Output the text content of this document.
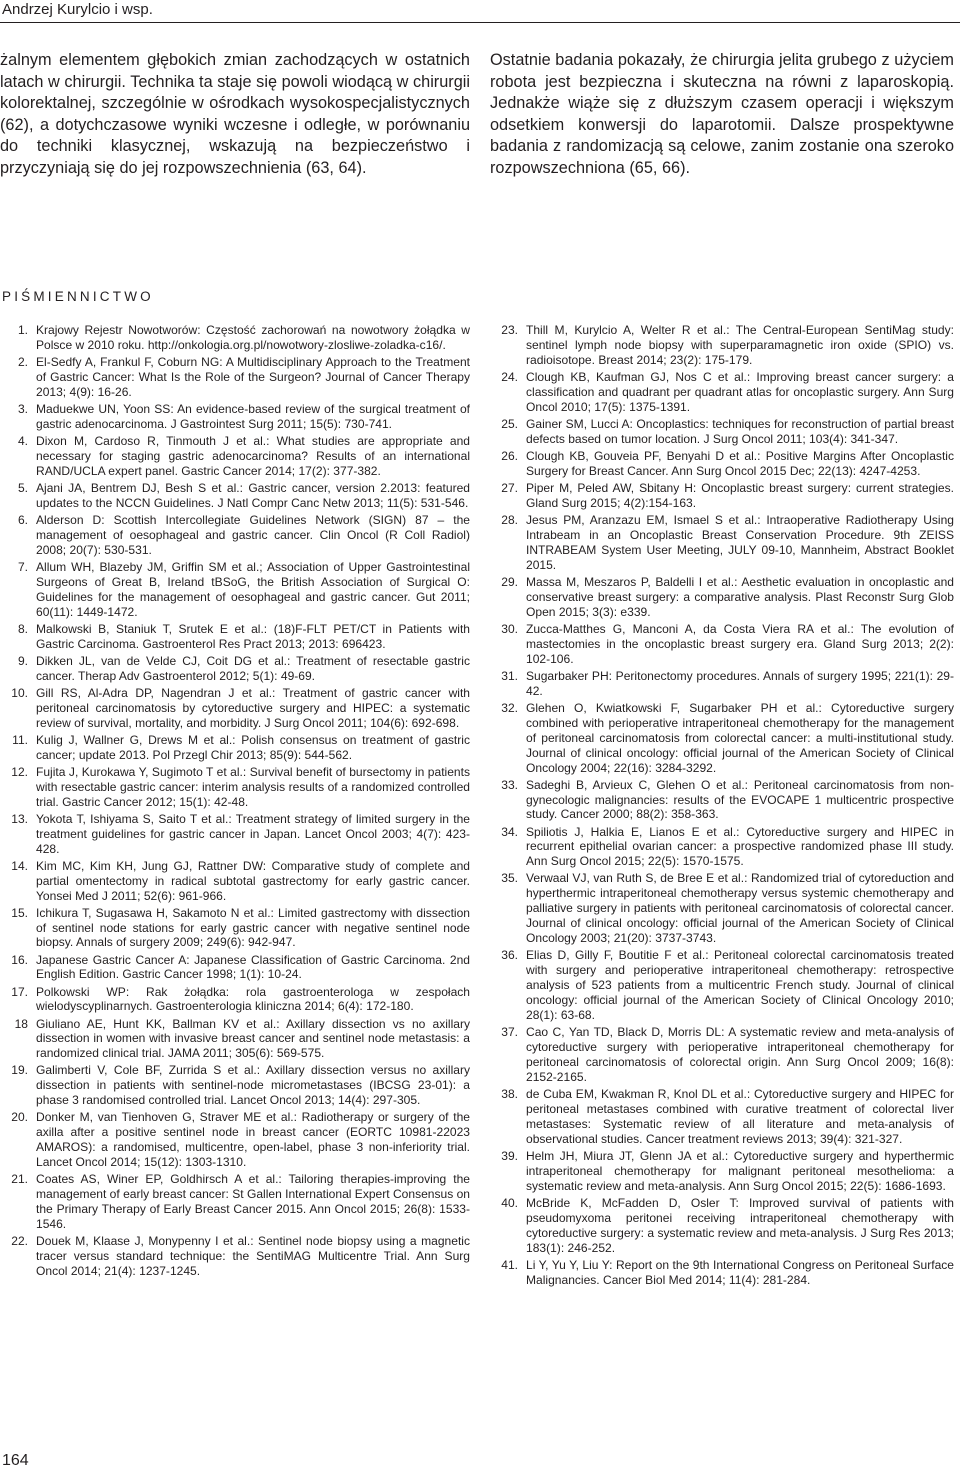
Andrzej Kurylcio i wsp.

żalnym elementem głębokich zmian zachodzących w ostatnich latach w chirurgii. Technika ta staje się powoli wiodącą w chirurgii kolorektalnej, szczególnie w ośrodkach wysokospecjalistycznych (62), a dotychczasowe wyniki wczesne i odległe, w porównaniu do techniki klasycznej, wskazują na bezpieczeństwo i przyczyniają się do jej rozpowszechnienia (63, 64).

Ostatnie badania pokazały, że chirurgia jelita grubego z użyciem robota jest bezpieczna i skuteczna na równi z laparoskopią. Jednakże wiąże się z dłuższym czasem operacji i większym odsetkiem konwersji do laparotomii. Dalsze prospektywne badania z randomizacją są celowe, zanim zostanie ona szeroko rozpowszechniona (65, 66).

PIŚMIENNICTWO
1. Krajowy Rejestr Nowotworów: Częstość zachorowań na nowotwory żołądka w Polsce w 2010 roku. http://onkologia.org.pl/nowotwory-zlosliwe-zoladka-c16/.
2. El-Sedfy A, Frankul F, Coburn NG: A Multidisciplinary Approach to the Treatment of Gastric Cancer: What Is the Role of the Surgeon? Journal of Cancer Therapy 2013; 4(9): 16-26.
3. Maduekwe UN, Yoon SS: An evidence-based review of the surgical treatment of gastric adenocarcinoma. J Gastrointest Surg 2011; 15(5): 730-741.
4. Dixon M, Cardoso R, Tinmouth J et al.: What studies are appropriate and necessary for staging gastric adenocarcinoma? Results of an international RAND/UCLA expert panel. Gastric Cancer 2014; 17(2): 377-382.
5. Ajani JA, Bentrem DJ, Besh S et al.: Gastric cancer, version 2.2013: featured updates to the NCCN Guidelines. J Natl Compr Canc Netw 2013; 11(5): 531-546.
6. Alderson D: Scottish Intercollegiate Guidelines Network (SIGN) 87 – the management of oesophageal and gastric cancer. Clin Oncol (R Coll Radiol) 2008; 20(7): 530-531.
7. Allum WH, Blazeby JM, Griffin SM et al.; Association of Upper Gastrointestinal Surgeons of Great B, Ireland tBSoG, the British Association of Surgical O: Guidelines for the management of oesophageal and gastric cancer. Gut 2011; 60(11): 1449-1472.
8. Malkowski B, Staniuk T, Srutek E et al.: (18)F-FLT PET/CT in Patients with Gastric Carcinoma. Gastroenterol Res Pract 2013; 2013: 696423.
9. Dikken JL, van de Velde CJ, Coit DG et al.: Treatment of resectable gastric cancer. Therap Adv Gastroenterol 2012; 5(1): 49-69.
10. Gill RS, Al-Adra DP, Nagendran J et al.: Treatment of gastric cancer with peritoneal carcinomatosis by cytoreductive surgery and HIPEC: a systematic review of survival, mortality, and morbidity. J Surg Oncol 2011; 104(6): 692-698.
11. Kulig J, Wallner G, Drews M et al.: Polish consensus on treatment of gastric cancer; update 2013. Pol Przegl Chir 2013; 85(9): 544-562.
12. Fujita J, Kurokawa Y, Sugimoto T et al.: Survival benefit of bursectomy in patients with resectable gastric cancer: interim analysis results of a randomized controlled trial. Gastric Cancer 2012; 15(1): 42-48.
13. Yokota T, Ishiyama S, Saito T et al.: Treatment strategy of limited surgery in the treatment guidelines for gastric cancer in Japan. Lancet Oncol 2003; 4(7): 423-428.
14. Kim MC, Kim KH, Jung GJ, Rattner DW: Comparative study of complete and partial omentectomy in radical subtotal gastrectomy for early gastric cancer. Yonsei Med J 2011; 52(6): 961-966.
15. Ichikura T, Sugasawa H, Sakamoto N et al.: Limited gastrectomy with dissection of sentinel node stations for early gastric cancer with negative sentinel node biopsy. Annals of surgery 2009; 249(6): 942-947.
16. Japanese Gastric Cancer A: Japanese Classification of Gastric Carcinoma. 2nd English Edition. Gastric Cancer 1998; 1(1): 10-24.
17. Polkowski WP: Rak żołądka: rola gastroenterologa w zespołach wielodyscyplinarnych. Gastroenterologia kliniczna 2014; 6(4): 172-180.
18 Giuliano AE, Hunt KK, Ballman KV et al.: Axillary dissection vs no axillary dissection in women with invasive breast cancer and sentinel node metastasis: a randomized clinical trial. JAMA 2011; 305(6): 569-575.
19. Galimberti V, Cole BF, Zurrida S et al.: Axillary dissection versus no axillary dissection in patients with sentinel-node micrometastases (IBCSG 23-01): a phase 3 randomised controlled trial. Lancet Oncol 2013; 14(4): 297-305.
20. Donker M, van Tienhoven G, Straver ME et al.: Radiotherapy or surgery of the axilla after a positive sentinel node in breast cancer (EORTC 10981-22023 AMAROS): a randomised, multicentre, open-label, phase 3 non-inferiority trial. Lancet Oncol 2014; 15(12): 1303-1310.
21. Coates AS, Winer EP, Goldhirsch A et al.: Tailoring therapies-improving the management of early breast cancer: St Gallen International Expert Consensus on the Primary Therapy of Early Breast Cancer 2015. Ann Oncol 2015; 26(8): 1533-1546.
22. Douek M, Klaase J, Monypenny I et al.: Sentinel node biopsy using a magnetic tracer versus standard technique: the SentiMAG Multicentre Trial. Ann Surg Oncol 2014; 21(4): 1237-1245.
23. Thill M, Kurylcio A, Welter R et al.: The Central-European SentiMag study: sentinel lymph node biopsy with superparamagnetic iron oxide (SPIO) vs. radioisotope. Breast 2014; 23(2): 175-179.
24. Clough KB, Kaufman GJ, Nos C et al.: Improving breast cancer surgery: a classification and quadrant per quadrant atlas for oncoplastic surgery. Ann Surg Oncol 2010; 17(5): 1375-1391.
25. Gainer SM, Lucci A: Oncoplastics: techniques for reconstruction of partial breast defects based on tumor location. J Surg Oncol 2011; 103(4): 341-347.
26. Clough KB, Gouveia PF, Benyahi D et al.: Positive Margins After Oncoplastic Surgery for Breast Cancer. Ann Surg Oncol 2015 Dec; 22(13): 4247-4253.
27. Piper M, Peled AW, Sbitany H: Oncoplastic breast surgery: current strategies. Gland Surg 2015; 4(2):154-163.
28. Jesus PM, Aranzazu EM, Ismael S et al.: Intraoperative Radiotherapy Using Intrabeam in an Oncoplastic Breast Conservation Procedure. 9th ZEISS INTRABEAM System User Meeting, JULY 09-10, Mannheim, Abstract Booklet 2015.
29. Massa M, Meszaros P, Baldelli I et al.: Aesthetic evaluation in oncoplastic and conservative breast surgery: a comparative analysis. Plast Reconstr Surg Glob Open 2015; 3(3): e339.
30. Zucca-Matthes G, Manconi A, da Costa Viera RA et al.: The evolution of mastectomies in the oncoplastic breast surgery era. Gland Surg 2013; 2(2): 102-106.
31. Sugarbaker PH: Peritonectomy procedures. Annals of surgery 1995; 221(1): 29-42.
32. Glehen O, Kwiatkowski F, Sugarbaker PH et al.: Cytoreductive surgery combined with perioperative intraperitoneal chemotherapy for the management of peritoneal carcinomatosis from colorectal cancer: a multi-institutional study. Journal of clinical oncology: official journal of the American Society of Clinical Oncology 2004; 22(16): 3284-3292.
33. Sadeghi B, Arvieux C, Glehen O et al.: Peritoneal carcinomatosis from non-gynecologic malignancies: results of the EVOCAPE 1 multicentric prospective study. Cancer 2000; 88(2): 358-363.
34. Spiliotis J, Halkia E, Lianos E et al.: Cytoreductive surgery and HIPEC in recurrent epithelial ovarian cancer: a prospective randomized phase III study. Ann Surg Oncol 2015; 22(5): 1570-1575.
35. Verwaal VJ, van Ruth S, de Bree E et al.: Randomized trial of cytoreduction and hyperthermic intraperitoneal chemotherapy versus systemic chemotherapy and palliative surgery in patients with peritoneal carcinomatosis of colorectal cancer. Journal of clinical oncology: official journal of the American Society of Clinical Oncology 2003; 21(20): 3737-3743.
36. Elias D, Gilly F, Boutitie F et al.: Peritoneal colorectal carcinomatosis treated with surgery and perioperative intraperitoneal chemotherapy: retrospective analysis of 523 patients from a multicentric French study. Journal of clinical oncology: official journal of the American Society of Clinical Oncology 2010; 28(1): 63-68.
37. Cao C, Yan TD, Black D, Morris DL: A systematic review and meta-analysis of cytoreductive surgery with perioperative intraperitoneal chemotherapy for peritoneal carcinomatosis of colorectal origin. Ann Surg Oncol 2009; 16(8): 2152-2165.
38. de Cuba EM, Kwakman R, Knol DL et al.: Cytoreductive surgery and HIPEC for peritoneal metastases combined with curative treatment of colorectal liver metastases: Systematic review of all literature and meta-analysis of observational studies. Cancer treatment reviews 2013; 39(4): 321-327.
39. Helm JH, Miura JT, Glenn JA et al.: Cytoreductive surgery and hyperthermic intraperitoneal chemotherapy for malignant peritoneal mesothelioma: a systematic review and meta-analysis. Ann Surg Oncol 2015; 22(5): 1686-1693.
40. McBride K, McFadden D, Osler T: Improved survival of patients with pseudomyxoma peritonei receiving intraperitoneal chemotherapy with cytoreductive surgery: a systematic review and meta-analysis. J Surg Res 2013; 183(1): 246-252.
41. Li Y, Yu Y, Liu Y: Report on the 9th International Congress on Peritoneal Surface Malignancies. Cancer Biol Med 2014; 11(4): 281-284.
164
